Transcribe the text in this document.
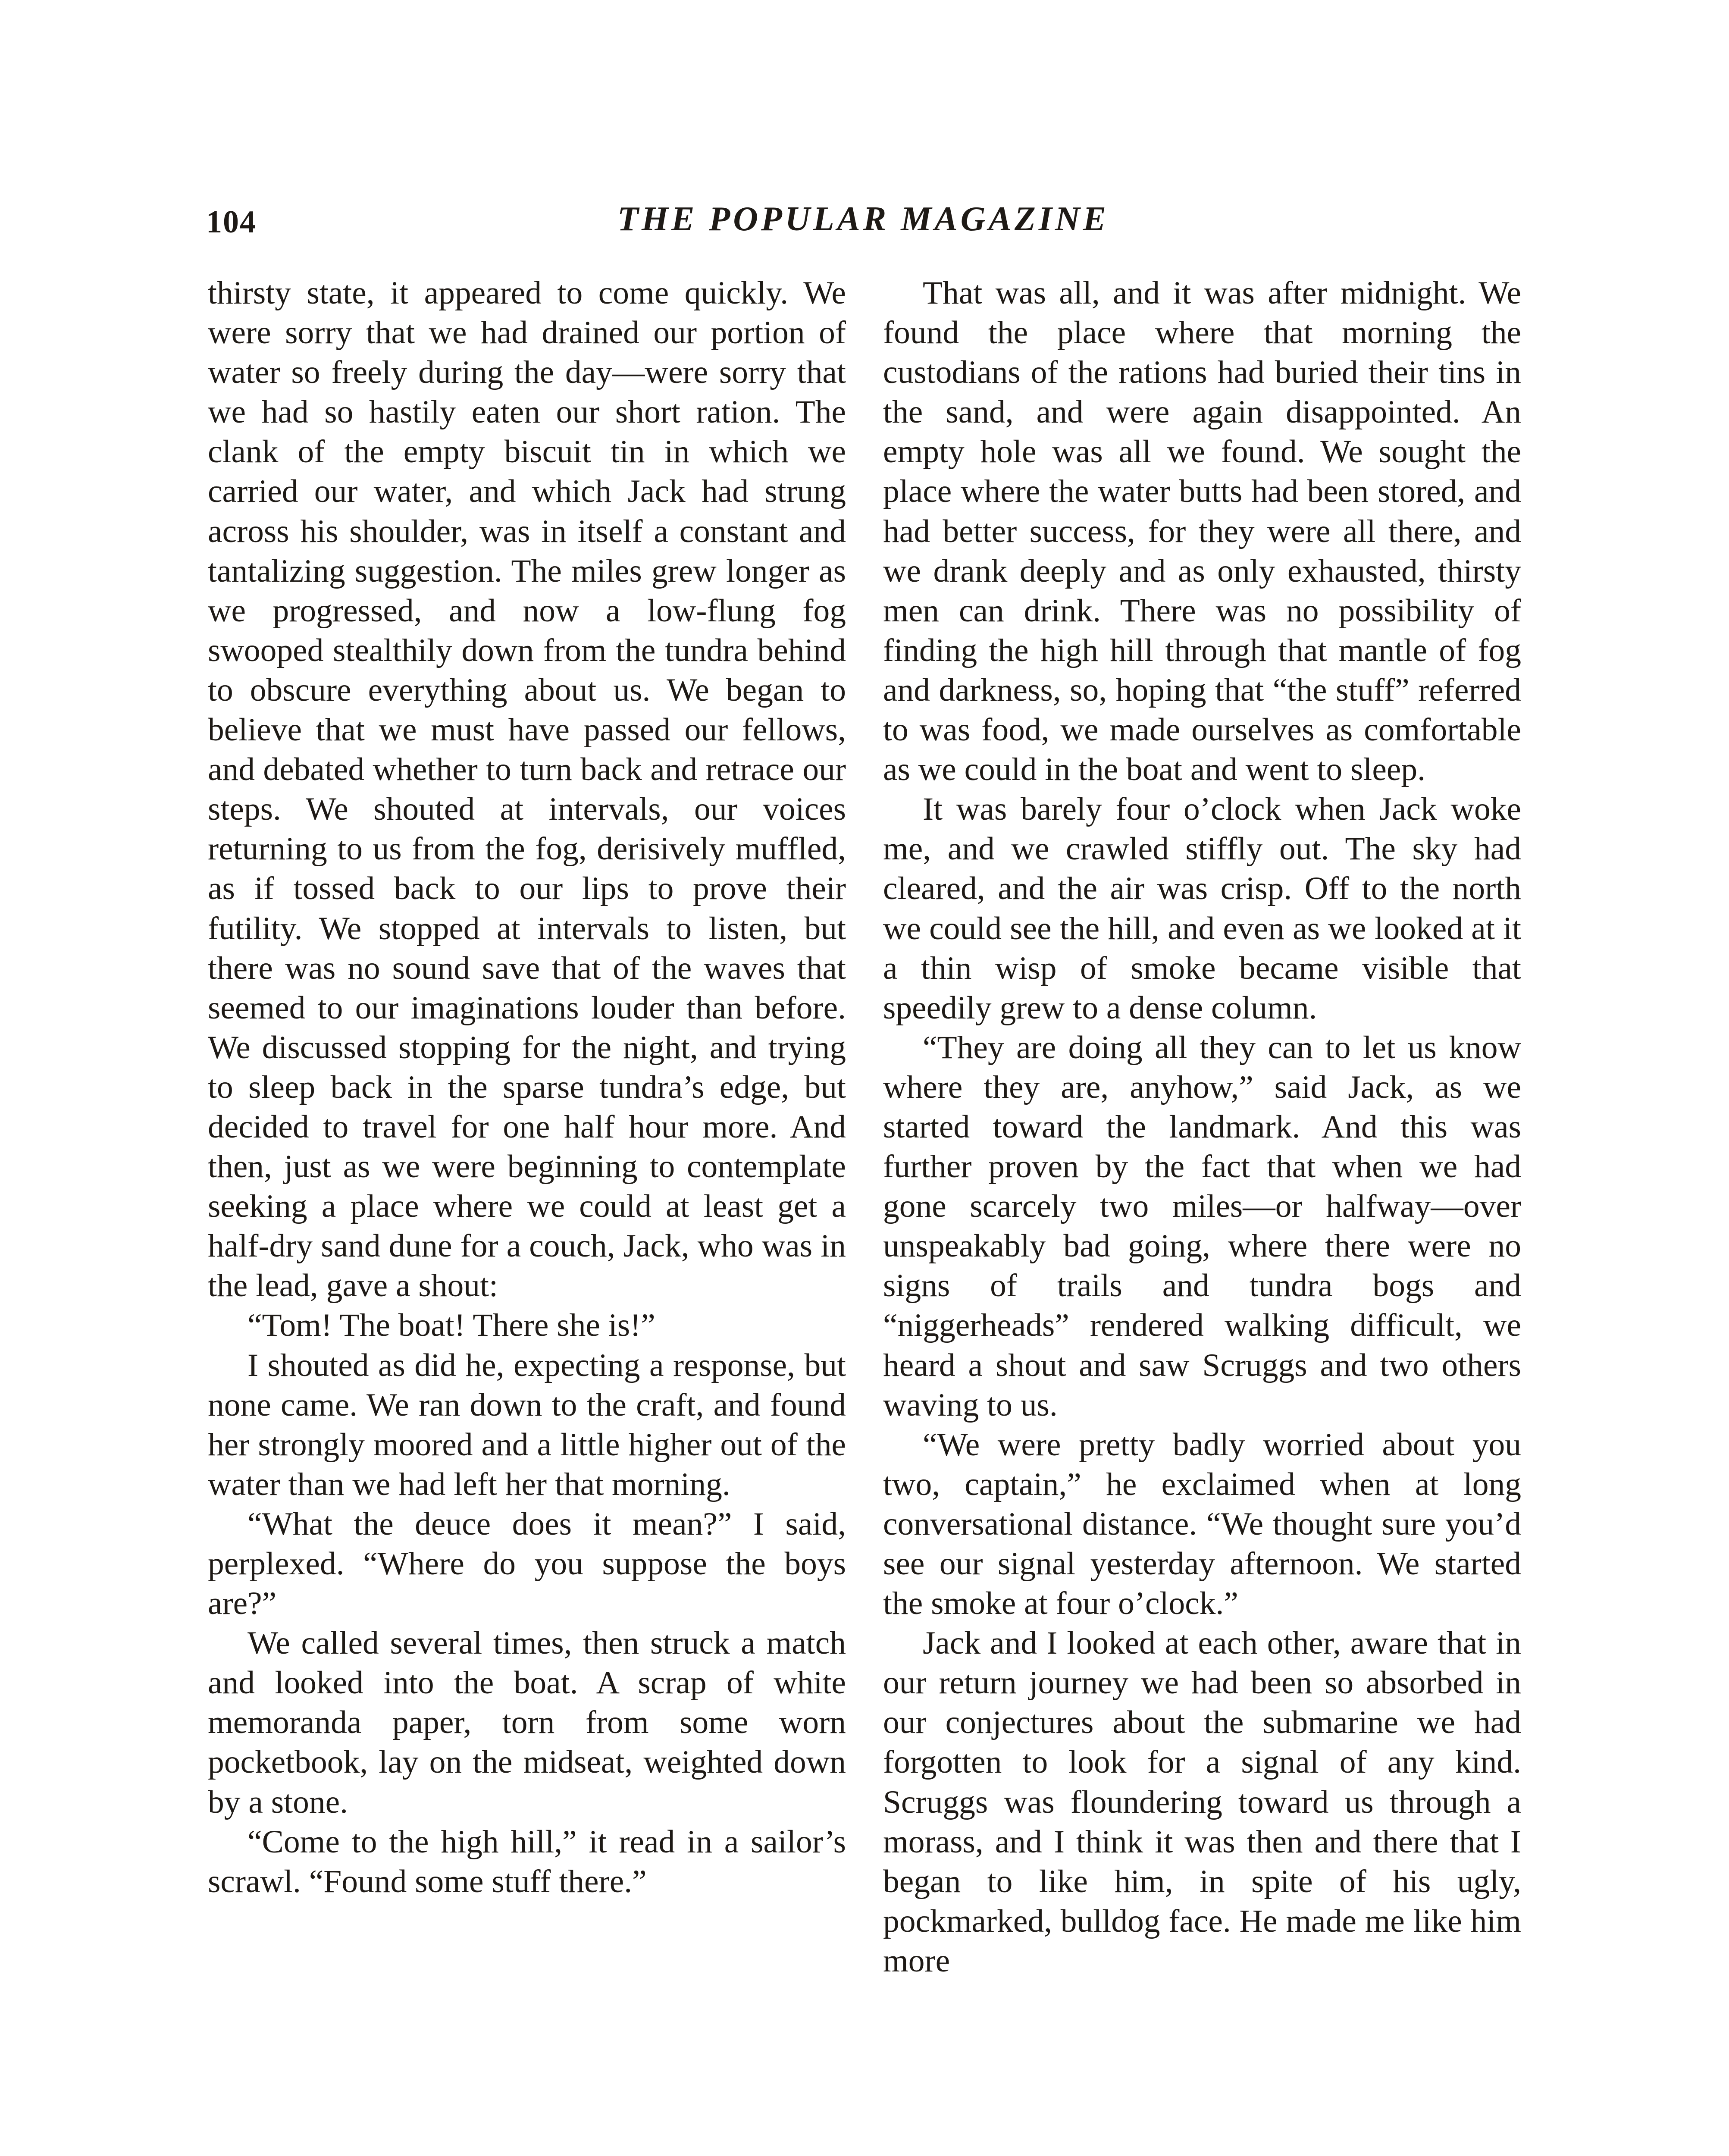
104	THE POPULAR MAGAZINE

thirsty state, it appeared to come quickly. We were sorry that we had drained our portion of water so freely during the day—were sorry that we had so hastily eaten our short ration. The clank of the empty biscuit tin in which we carried our water, and which Jack had strung across his shoulder, was in itself a constant and tantalizing suggestion. The miles grew longer as we progressed, and now a low-flung fog swooped stealthily down from the tundra behind to obscure everything about us. We began to believe that we must have passed our fellows, and debated whether to turn back and retrace our steps. We shouted at intervals, our voices returning to us from the fog, derisively muffled, as if tossed back to our lips to prove their futility. We stopped at intervals to listen, but there was no sound save that of the waves that seemed to our imaginations louder than before. We discussed stopping for the night, and trying to sleep back in the sparse tundra’s edge, but decided to travel for one half hour more. And then, just as we were beginning to contemplate seeking a place where we could at least get a half-dry sand dune for a couch, Jack, who was in the lead, gave a shout:

“Tom! The boat! There she is!”

I shouted as did he, expecting a response, but none came. We ran down to the craft, and found her strongly moored and a little higher out of the water than we had left her that morning.

“What the deuce does it mean?” I said, perplexed. “Where do you suppose the boys are?”

We called several times, then struck a match and looked into the boat. A scrap of white memoranda paper, torn from some worn pocketbook, lay on the midseat, weighted down by a stone.

“Come to the high hill,” it read in a sailor’s scrawl. “Found some stuff there.”

That was all, and it was after midnight. We found the place where that morning the custodians of the rations had buried their tins in the sand, and were again disappointed. An empty hole was all we found. We sought the place where the water butts had been stored, and had better success, for they were all there, and we drank deeply and as only exhausted, thirsty men can drink. There was no possibility of finding the high hill through that mantle of fog and darkness, so, hoping that “the stuff” referred to was food, we made ourselves as comfortable as we could in the boat and went to sleep.

It was barely four o’clock when Jack woke me, and we crawled stiffly out. The sky had cleared, and the air was crisp. Off to the north we could see the hill, and even as we looked at it a thin wisp of smoke became visible that speedily grew to a dense column.

“They are doing all they can to let us know where they are, anyhow,” said Jack, as we started toward the landmark. And this was further proven by the fact that when we had gone scarcely two miles—or halfway—over unspeakably bad going, where there were no signs of trails and tundra bogs and “niggerheads” rendered walking difficult, we heard a shout and saw Scruggs and two others waving to us.

“We were pretty badly worried about you two, captain,” he exclaimed when at long conversational distance. “We thought sure you’d see our signal yesterday afternoon. We started the smoke at four o’clock.”

Jack and I looked at each other, aware that in our return journey we had been so absorbed in our conjectures about the submarine we had forgotten to look for a signal of any kind. Scruggs was floundering toward us through a morass, and I think it was then and there that I began to like him, in spite of his ugly, pockmarked, bulldog face. He made me like him more
